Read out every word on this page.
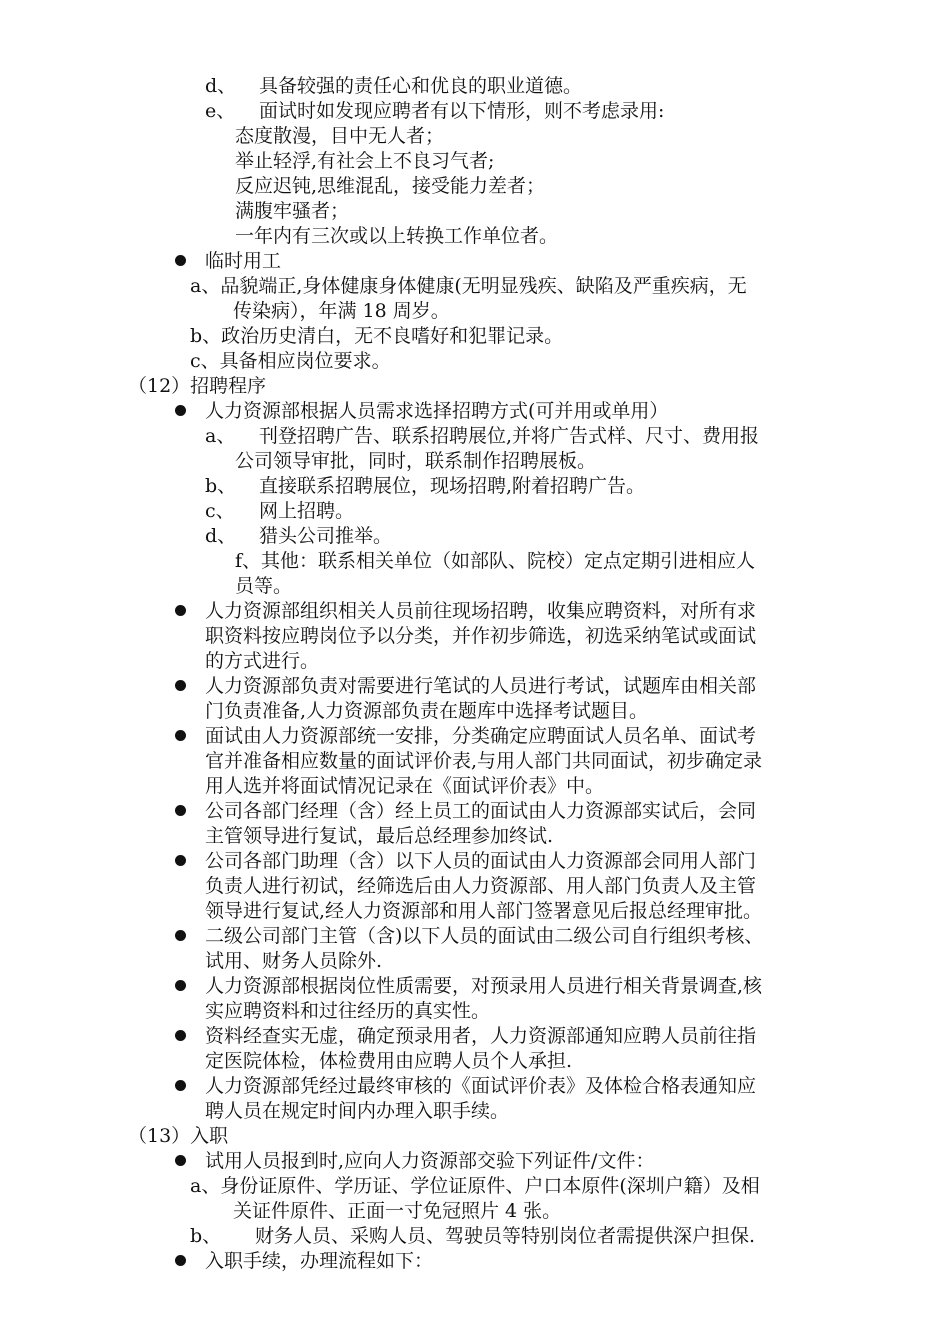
d、 具备较强的责任心和优良的职业道德。
e、 面试时如发现应聘者有以下情形，则不考虑录用:
态度散漫，目中无人者；
举止轻浮,有社会上不良习气者;
反应迟钝,思维混乱，接受能力差者；
满腹牢骚者；
一年内有三次或以上转换工作单位者。
临时用工
a、品貌端正,身体健康身体健康(无明显残疾、缺陷及严重疾病，无
传染病），年满 18 周岁。
b、政治历史清白，无不良嗜好和犯罪记录。
c、具备相应岗位要求。
（12）招聘程序
人力资源部根据人员需求选择招聘方式(可并用或单用）
a、 刊登招聘广告、联系招聘展位,并将广告式样、尺寸、费用报
公司领导审批，同时，联系制作招聘展板。
b、 直接联系招聘展位，现场招聘,附着招聘广告。
c、 网上招聘。
d、 猎头公司推举。
f、其他：联系相关单位（如部队、院校）定点定期引进相应人
员等。
人力资源部组织相关人员前往现场招聘，收集应聘资料，对所有求
职资料按应聘岗位予以分类，并作初步筛选，初选采纳笔试或面试
的方式进行。
人力资源部负责对需要进行笔试的人员进行考试，试题库由相关部
门负责准备,人力资源部负责在题库中选择考试题目。
面试由人力资源部统一安排，分类确定应聘面试人员名单、面试考
官并准备相应数量的面试评价表,与用人部门共同面试，初步确定录
用人选并将面试情况记录在《面试评价表》中。
公司各部门经理（含）经上员工的面试由人力资源部实试后，会同
主管领导进行复试，最后总经理参加终试.
公司各部门助理（含）以下人员的面试由人力资源部会同用人部门
负责人进行初试，经筛选后由人力资源部、用人部门负责人及主管
领导进行复试,经人力资源部和用人部门签署意见后报总经理审批。
二级公司部门主管（含)以下人员的面试由二级公司自行组织考核、
试用、财务人员除外.
人力资源部根据岗位性质需要，对预录用人员进行相关背景调查,核
实应聘资料和过往经历的真实性。
资料经查实无虚，确定预录用者，人力资源部通知应聘人员前往指
定医院体检，体检费用由应聘人员个人承担.
人力资源部凭经过最终审核的《面试评价表》及体检合格表通知应
聘人员在规定时间内办理入职手续。
（13）入职
试用人员报到时,应向人力资源部交验下列证件/文件：
a、身份证原件、学历证、学位证原件、户口本原件(深圳户籍）及相
关证件原件、正面一寸免冠照片 4 张。
b、 财务人员、采购人员、驾驶员等特别岗位者需提供深户担保.
入职手续，办理流程如下：
